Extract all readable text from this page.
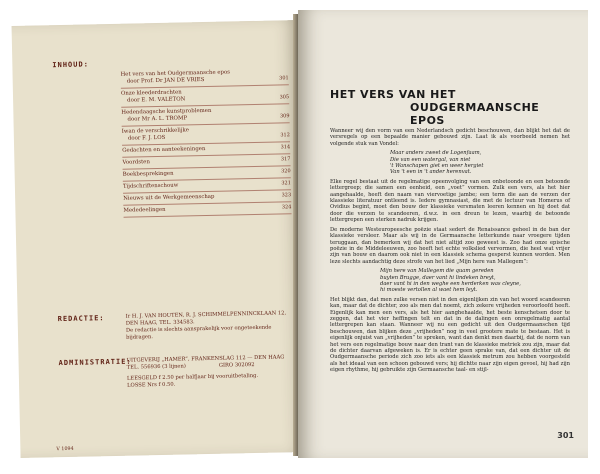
INHOUD:
Het vers van het Oudgermaansche epos
door Prof. Dr JAN DE VRIES	301
Onze kleederdrachten
door E. M. VALETON	305
Hedendaagsche kunstproblemen
door Mr A. L. TROMP	309
Iwan de verschrikkelijke
door F. J. LOS	312
Gedachten en aanteekeningen	314
Voordsten	317
Boekbesprekingen	320
Tijdschriftenschouw	321
Nieuws uit de Werkgemeenschap	323
Mededeelingen	324
REDACTIE:	Ir H. J. VAN HOUTEN, R. J. SCHIMMELPENNINCKLAAN 12,
DEN HAAG, TEL. 334583.
De redactie is slechts aansprakelijk voor ongeteekende
bijdragen.
ADMINISTRATIE:
UITGEVERIJ „HAMER”, FRANKENSLAG 112 — DEN HAAG
TEL. 556936 (3 lijnen)                    GIRO 302092
LEESGELD f 2.50 per halfjaar bij vooruitbetaling.
LOSSE Nrs f 0.50.
V 1094
HET VERS VAN HET
OUDGERMAANSCHE EPOS

Wanneer wij den vorm van een Nederlandsch gedicht beschouwen, dan blijkt het dat de versregels op een bepaalde manier gebouwd zijn. Laat ik als voorbeeld nemen het volgende stuk van Vondel:

Maar anders zweet de Logenfaam,
Die van een watergal, van niet
't Wanschapen giet en weer hergiet
Van 't een in 't ander herenvat.

Elke regel bestaat uit de regelmatige opeenvolging van een onbetoonde en een betoonde lettergreep; die samen een eenheid, een „voet” vormen. Zulk een vers, als het hier aangehaalde, heeft den naam van viervoetige jambe; een term die aan de verzen der klassieke literatuur ontleend is. Iedere gymnasiast, die met de lectuur van Homerus of Ovidius begint, moet den bouw der klassieke versmaten leeren kennen en hij doet dat door die verzen te scandeeren, d.w.z. in een dreun te lezen, waarbij de betoonde lettergrepen een sterken nadruk krijgen.

De moderne Westeuropeesche poëzie staat sedert de Renaissance geheel in de ban der klassieke versleer. Maar als wij in de Germaansche letterkunde naar vroegere tijden teruggaan, dan bemerken wij dat het niet altijd zoo geweest is. Zoo had onze epische poëzie in de Middeleeuwen, zoo heeft het echte volkslied vervormen, die heel wat vrijer zijn van bouw en daarom ook niet in een klassiek schema gesperst kunnen worden. Men leze slechts aandachtig deze strofe van het lied „Mijn here van Mallegem”:

Mijn here van Mallegem die quam gereden
buyten Brugge, daer vant hi lindeken breyt,
daer vant hi in den weghe een herderken was cleyne,
hi moeste vertollen al waet hem leyt.

Het blijkt dan, dat men zulke versen niet in den eigenlijken zin van het woord scandeeren kan, maar dat de dichter, zoo als men dat noemt, zich zekere vrijheden veroorloofd heeft. Eigenlijk kan men een vers, als het hier aanghehaalde, het beste kenschetsen door te zeggen, dat het vier heffingen telt en dat in de dalingen een onregelmatig aantal lettergrepen kan staan. Wanneer wij nu een gedicht uit den Oudgermaanschen tijd beschouwen, dan blijken deze „vrijheden” nog in veel grootere mate te bestaan. Het is eigenlijk onjuist van „vrijheden” te spreken, want dan denkt men daarbij, dat de norm van het vers een regelmatige bouw naar den trant van de klassieke metriek zou zijn, maar dat de dichter daarvan afgeweken is. Er is echter geen sprake van, dat een dichter uit de Oudgermaansche periode zich zoo iets als een klassiek metrum zou hebben voorgesteld als het ideaal van een schoon gebouwd vers; hij dichtte naar zijn eigen gevoel, hij had zijn eigen rhythme, hij gebruikte zijn Germaansche taal- en stijl-

301
